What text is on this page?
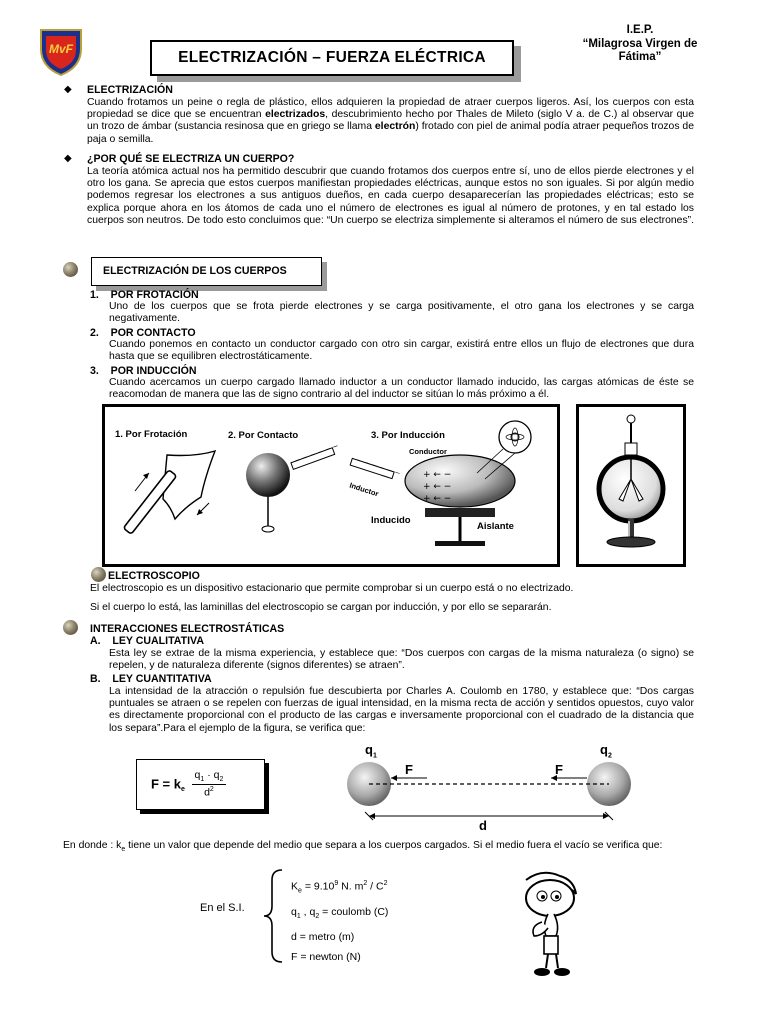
MvF	ELECTRIZACIÓN – FUERZA ELÉCTRICA
I.E.P.
“Milagrosa Virgen de
Fátima”
◆ ELECTRIZACIÓN
Cuando frotamos un peine o regla de plástico, ellos adquieren la propiedad de atraer cuerpos ligeros. Así, los cuerpos con esta propiedad se dice que se encuentran electrizados, descubrimiento hecho por Thales de Mileto (siglo V a. de C.) al observar que un trozo de ámbar (sustancia resinosa que en griego se llama electrón) frotado con piel de animal podía atraer pequeños trozos de paja o semilla.
◆ ¿POR QUÉ SE ELECTRIZA UN CUERPO?
La teoría atómica actual nos ha permitido descubrir que cuando frotamos dos cuerpos entre sí, uno de ellos pierde electrones y el otro los gana. Se aprecia que estos cuerpos manifiestan propiedades eléctricas, aunque estos no son iguales. Si por algún medio podemos regresar los electrones a sus antiguos dueños, en cada cuerpo desaparecerían las propiedades eléctricas; esto se explica porque ahora en los átomos de cada uno el número de electrones es igual al número de protones, y en tal estado los cuerpos son neutros. De todo esto concluimos que: “Un cuerpo se electriza simplemente si alteramos el número de sus electrones”.
ELECTRIZACIÓN DE LOS CUERPOS
1. POR FROTACIÓN
Uno de los cuerpos que se frota pierde electrones y se carga positivamente, el otro gana los electrones y se carga negativamente.
2. POR CONTACTO
Cuando ponemos en contacto un conductor cargado con otro sin cargar, existirá entre ellos un flujo de electrones que dura hasta que se equilibren electrostáticamente.
3. POR INDUCCIÓN
Cuando acercamos un cuerpo cargado llamado inductor a un conductor llamado inducido, las cargas atómicas de éste se reacomodan de manera que las de signo contrario al del inductor se sitúan lo más próximo a él.
− − − − − −
− − − − − − + ← −
+ ← −
+ ← −
1. Por Frotación	2. Por Contacto	3. Por Inducción
Conductor
Inductor
Inducido
Aislante
ELECTROSCOPIO
El electroscopio es un dispositivo estacionario que permite comprobar si un cuerpo está o no electrizado.
Si el cuerpo lo está, las laminillas del electroscopio se cargan por inducción, y por ello se separarán.
INTERACCIONES ELECTROSTÁTICAS
A. LEY CUALITATIVA
Esta ley se extrae de la misma experiencia, y establece que: “Dos cuerpos con cargas de la misma naturaleza (o signo) se repelen, y de naturaleza diferente (signos diferentes) se atraen”.
B. LEY CUANTITATIVA
La intensidad de la atracción o repulsión fue descubierta por Charles A. Coulomb en 1780, y establece que: “Dos cargas puntuales se atraen o se repelen con fuerzas de igual intensidad, en la misma recta de acción y sentidos opuestos, cuyo valor es directamente proporcional con el producto de las cargas e inversamente proporcional con el cuadrado de la distancia que los separa”.Para el ejemplo de la figura, se verifica que:
$F = k_e \frac{q_1 \cdot q_2}{d^2}$
$q_1$	$q_2$
F	F
d
En donde : $k_e$ tiene un valor que depende del medio que separa a los cuerpos cargados. Si el medio fuera el vacío se verifica que:
En el S.I.
$K_e = 9.10^9$ N. $m^2 / C^2$
$q_1$ , $q_2$ = coulomb (C)
d = metro (m)
F = newton (N)
